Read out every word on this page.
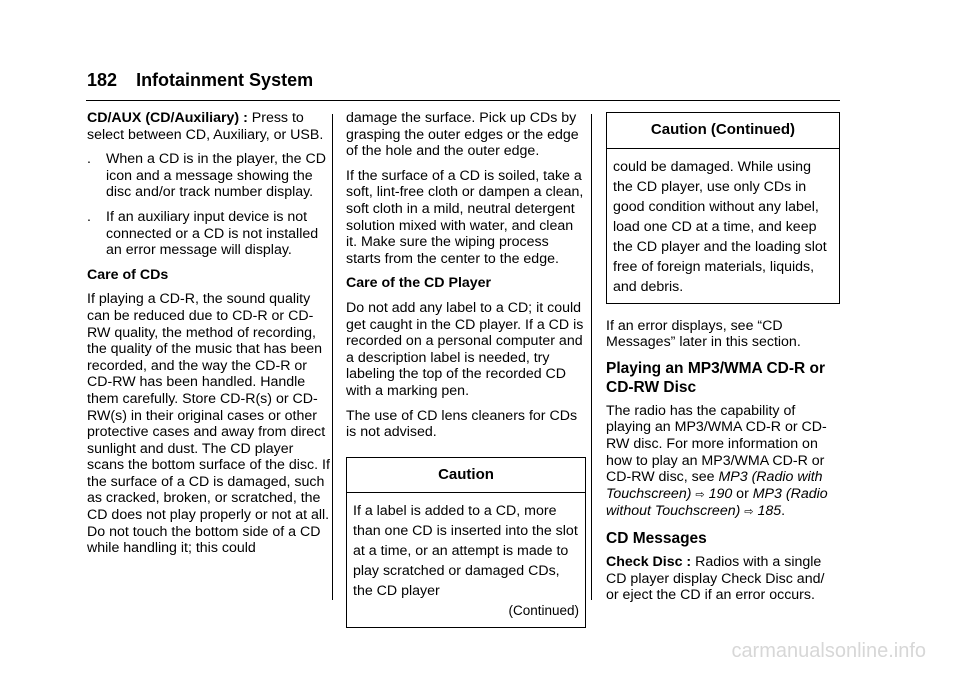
182 Infotainment System

CD/AUX (CD/Auxiliary) : Press to select between CD, Auxiliary, or USB.

.	When a CD is in the player, the CD icon and a message showing the disc and/or track number display.
.	If an auxiliary input device is not connected or a CD is not installed an error message will display.

Care of CDs

If playing a CD-R, the sound quality can be reduced due to CD-R or CD-RW quality, the method of recording, the quality of the music that has been recorded, and the way the CD-R or CD-RW has been handled. Handle them carefully. Store CD-R(s) or CD-RW(s) in their original cases or other protective cases and away from direct sunlight and dust. The CD player scans the bottom surface of the disc. If the surface of a CD is damaged, such as cracked, broken, or scratched, the CD does not play properly or not at all. Do not touch the bottom side of a CD while handling it; this could

damage the surface. Pick up CDs by grasping the outer edges or the edge of the hole and the outer edge.

If the surface of a CD is soiled, take a soft, lint-free cloth or dampen a clean, soft cloth in a mild, neutral detergent solution mixed with water, and clean it. Make sure the wiping process starts from the center to the edge.

Care of the CD Player

Do not add any label to a CD; it could get caught in the CD player. If a CD is recorded on a personal computer and a description label is needed, try labeling the top of the recorded CD with a marking pen.

The use of CD lens cleaners for CDs is not advised.

Caution
If a label is added to a CD, more than one CD is inserted into the slot at a time, or an attempt is made to play scratched or damaged CDs, the CD player
(Continued)
Caution (Continued)
could be damaged. While using the CD player, use only CDs in good condition without any label, load one CD at a time, and keep the CD player and the loading slot free of foreign materials, liquids, and debris.

If an error displays, see “CD Messages” later in this section.

Playing an MP3/WMA CD-R or CD-RW Disc

The radio has the capability of playing an MP3/WMA CD-R or CD-RW disc. For more information on how to play an MP3/WMA CD-R or CD-RW disc, see MP3 (Radio with Touchscreen) ⇨ 190 or MP3 (Radio without Touchscreen) ⇨ 185.

CD Messages

Check Disc : Radios with a single CD player display Check Disc and/ or eject the CD if an error occurs.

carmanualsonline.info
